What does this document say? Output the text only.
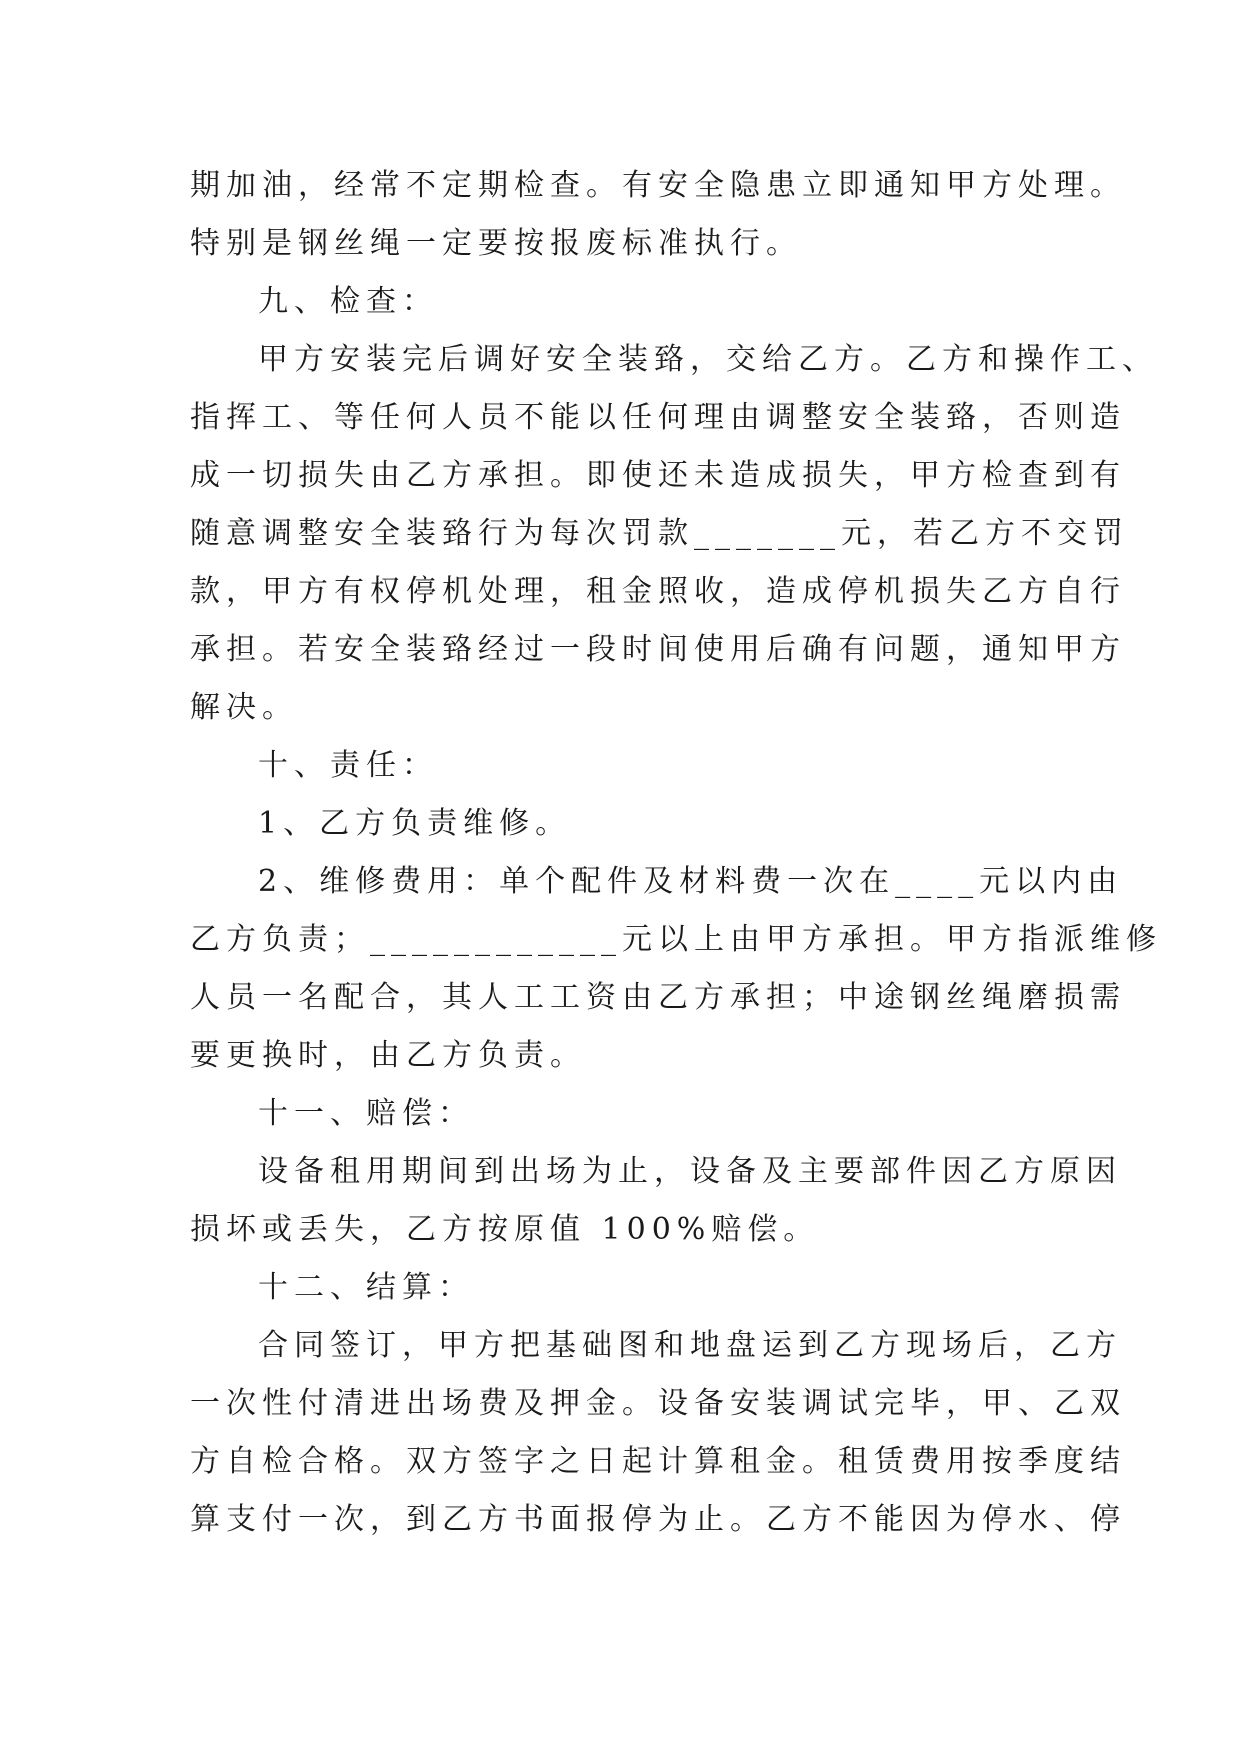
期加油，经常不定期检查。有安全隐患立即通知甲方处理。
特别是钢丝绳一定要按报废标准执行。
九、检查：
甲方安装完后调好安全装臵，交给乙方。乙方和操作工、
指挥工、等任何人员不能以任何理由调整安全装臵，否则造
成一切损失由乙方承担。即使还未造成损失，甲方检查到有
随意调整安全装臵行为每次罚款_______元，若乙方不交罚
款，甲方有权停机处理，租金照收，造成停机损失乙方自行
承担。若安全装臵经过一段时间使用后确有问题，通知甲方
解决。
十、责任：
1、乙方负责维修。
2、维修费用：单个配件及材料费一次在____元以内由
乙方负责；____________元以上由甲方承担。甲方指派维修
人员一名配合，其人工工资由乙方承担；中途钢丝绳磨损需
要更换时，由乙方负责。
十一、赔偿：
设备租用期间到出场为止，设备及主要部件因乙方原因
损坏或丢失，乙方按原值 100%赔偿。
十二、结算：
合同签订，甲方把基础图和地盘运到乙方现场后，乙方
一次性付清进出场费及押金。设备安装调试完毕，甲、乙双
方自检合格。双方签字之日起计算租金。租赁费用按季度结
算支付一次，到乙方书面报停为止。乙方不能因为停水、停
